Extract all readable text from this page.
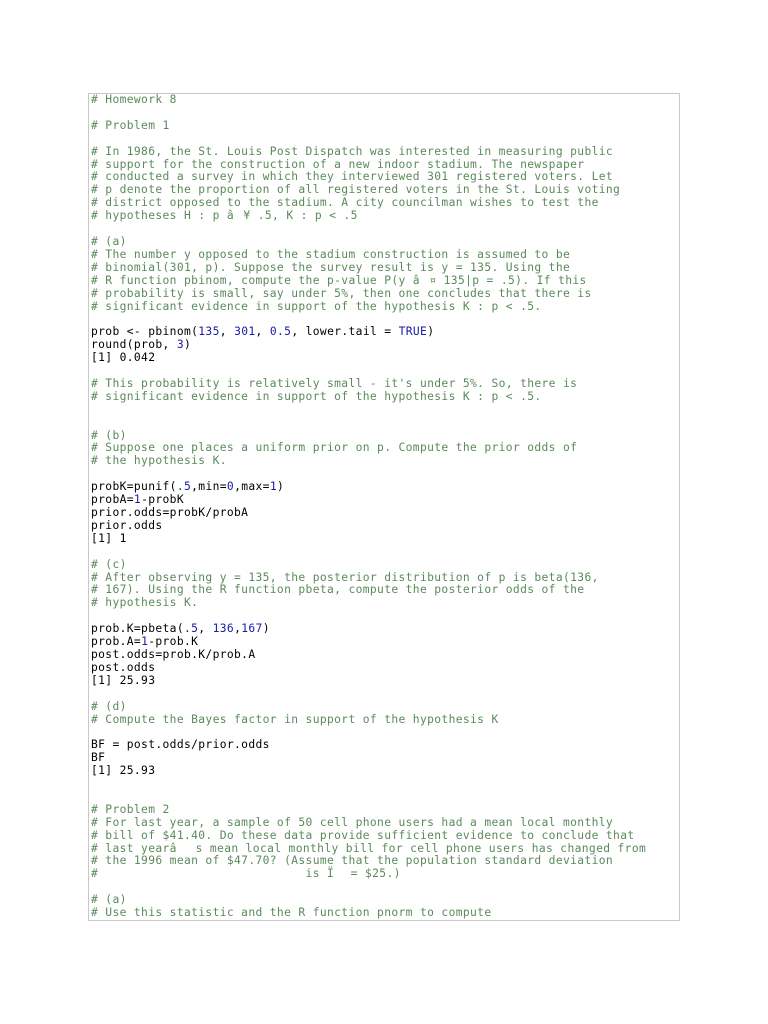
# Homework 8

# Problem 1

# In 1986, the St. Louis Post Dispatch was interested in measuring public
# support for the construction of a new indoor stadium. The newspaper
# conducted a survey in which they interviewed 301 registered voters. Let
# p denote the proportion of all registered voters in the St. Louis voting
# district opposed to the stadium. A city councilman wishes to test the
# hypotheses H : p â¥ .5, K : p < .5

# (a)
# The number y opposed to the stadium construction is assumed to be
# binomial(301, p). Suppose the survey result is y = 135. Using the
# R function pbinom, compute the p-value P(y â¤ 135|p = .5). If this
# probability is small, say under 5%, then one concludes that there is
# significant evidence in support of the hypothesis K : p < .5.

prob <- pbinom(135, 301, 0.5, lower.tail = TRUE)
round(prob, 3)
[1] 0.042

# This probability is relatively small - it's under 5%. So, there is
# significant evidence in support of the hypothesis K : p < .5.

# (b)
# Suppose one places a uniform prior on p. Compute the prior odds of
# the hypothesis K.

probK=punif(.5,min=0,max=1)
probA=1-probK
prior.odds=probK/probA
prior.odds
[1] 1

# (c)
# After observing y = 135, the posterior distribution of p is beta(136,
# 167). Using the R function pbeta, compute the posterior odds of the
# hypothesis K.

prob.K=pbeta(.5, 136,167)
prob.A=1-prob.K
post.odds=prob.K/prob.A
post.odds
[1] 25.93

# (d)
# Compute the Bayes factor in support of the hypothesis K

BF = post.odds/prior.odds
BF
[1] 25.93

# Problem 2
# For last year, a sample of 50 cell phone users had a mean local monthly
# bill of $41.40. Do these data provide sufficient evidence to conclude that
# last yearâs mean local monthly bill for cell phone users has changed from
# the 1996 mean of $47.70? (Assume that the population standard deviation
#                             is Ï = $25.)

# (a)
# Use this statistic and the R function pnorm to compute
